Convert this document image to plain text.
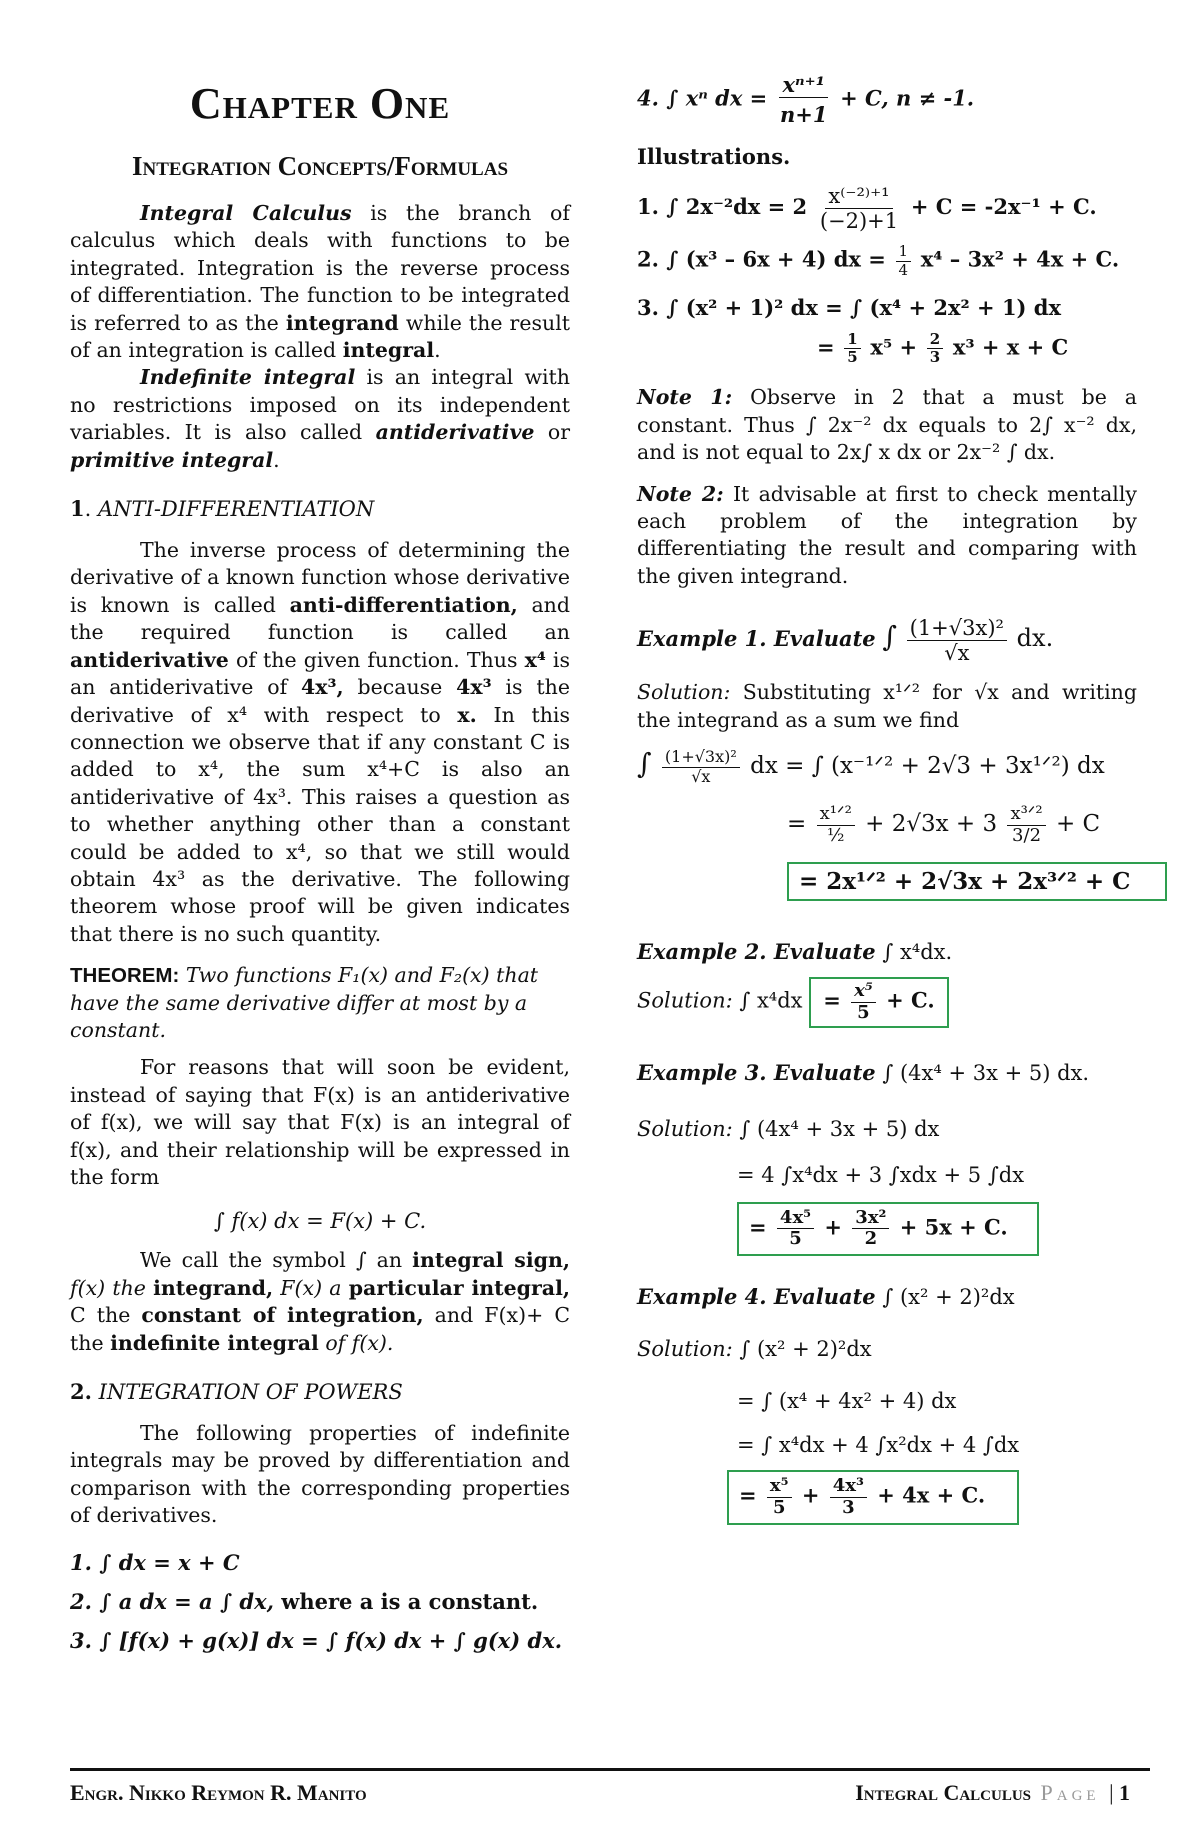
Chapter One
Integration Concepts/Formulas

Integral Calculus is the branch of calculus which deals with functions to be integrated. Integration is the reverse process of differentiation. The function to be integrated is referred to as the integrand while the result of an integration is called integral.

Indefinite integral is an integral with no restrictions imposed on its independent variables. It is also called antiderivative or primitive integral.

1. ANTI-DIFFERENTIATION

The inverse process of determining the derivative of a known function whose derivative is known is called anti-differentiation, and the required function is called an antiderivative of the given function. Thus x⁴ is an antiderivative of 4x³, because 4x³ is the derivative of x⁴ with respect to x. In this connection we observe that if any constant C is added to x⁴, the sum x⁴+C is also an antiderivative of 4x³. This raises a question as to whether anything other than a constant could be added to x⁴, so that we still would obtain 4x³ as the derivative. The following theorem whose proof will be given indicates that there is no such quantity.

THEOREM: Two functions F₁(x) and F₂(x) that have the same derivative differ at most by a constant.

For reasons that will soon be evident, instead of saying that F(x) is an antiderivative of f(x), we will say that F(x) is an integral of f(x), and their relationship will be expressed in the form

∫ f(x) dx = F(x) + C.

We call the symbol ∫ an integral sign, f(x) the integrand, F(x) a particular integral, C the constant of integration, and F(x)+ C the indefinite integral of f(x).

2. INTEGRATION OF POWERS

The following properties of indefinite integrals may be proved by differentiation and comparison with the corresponding properties of derivatives.

1. ∫ dx = x + C
2. ∫ a dx = a ∫ dx, where a is a constant.
3. ∫ [f(x) + g(x)] dx = ∫ f(x) dx + ∫ g(x) dx.
4. ∫ xⁿ dx =
xⁿ⁺¹
n+1
+ C, n ≠ -1.
Illustrations.
1. ∫ $2x^{-2}dx = 2 \frac{\text{x⁽⁻²⁾⁺¹}}{(-2)+1} + C = -2x^{-1} + C$.
2. ∫ (x³ – 6x + 4) dx = $\frac{1}{4} x^4 - 3x^2 + 4x + C$.
3. ∫ (x² + 1)² dx = ∫ (x⁴ + 2x² + 1) dx
= $\frac{1}{5} x^5 + \frac{2}{3} x^3 + x + C$

Note 1: Observe in 2 that a must be a constant. Thus ∫ 2x⁻² dx equals to 2∫ x⁻² dx, and is not equal to 2x∫ x dx or 2x⁻² ∫ dx.

Note 2: It advisable at first to check mentally each problem of the integration by differentiating the result and comparing with the given integrand.

Example 1. Evaluate ∫ $\frac{\text{(1+√3x)²}}{√x}$ dx.

Solution: Substituting x¹ᐟ² for √x and writing the integrand as a sum we find

∫ $\frac{\text{(1+√3x)²}}{√x}$ dx = ∫ (x⁻¹ᐟ² + 2√3 + 3x¹ᐟ²) dx
= $\frac{\text{x¹ᐟ²}}{\text{½}} + 2√3x + 3 \frac{\text{x³ᐟ²}}{3/2} + C$
= 2x¹ᐟ² + 2√3x + 2x³ᐟ² + C
Example 2. Evaluate ∫ x⁴dx.
Solution: ∫ $x^4dx = \frac{\text{x⁵}}{5} + C$.
Example 3. Evaluate ∫ (4x⁴ + 3x + 5) dx.
Solution: ∫ (4x⁴ + 3x + 5) dx
= 4 ∫x⁴dx + 3 ∫xdx + 5 ∫dx
= $\frac{\text{4x⁵}}{5} + \frac{\text{3x²}}{2} + 5x + C$.
Example 4. Evaluate ∫ (x² + 2)²dx
Solution: ∫ (x² + 2)²dx
= ∫ (x⁴ + 4x² + 4) dx
= ∫ x⁴dx + 4 ∫x²dx + 4 ∫dx
= $\frac{\text{x⁵}}{5} + \frac{\text{4x³}}{3} + 4x + C$.
Engr. Nikko Reymon R. Manito	Integral Calculus Page | 1
